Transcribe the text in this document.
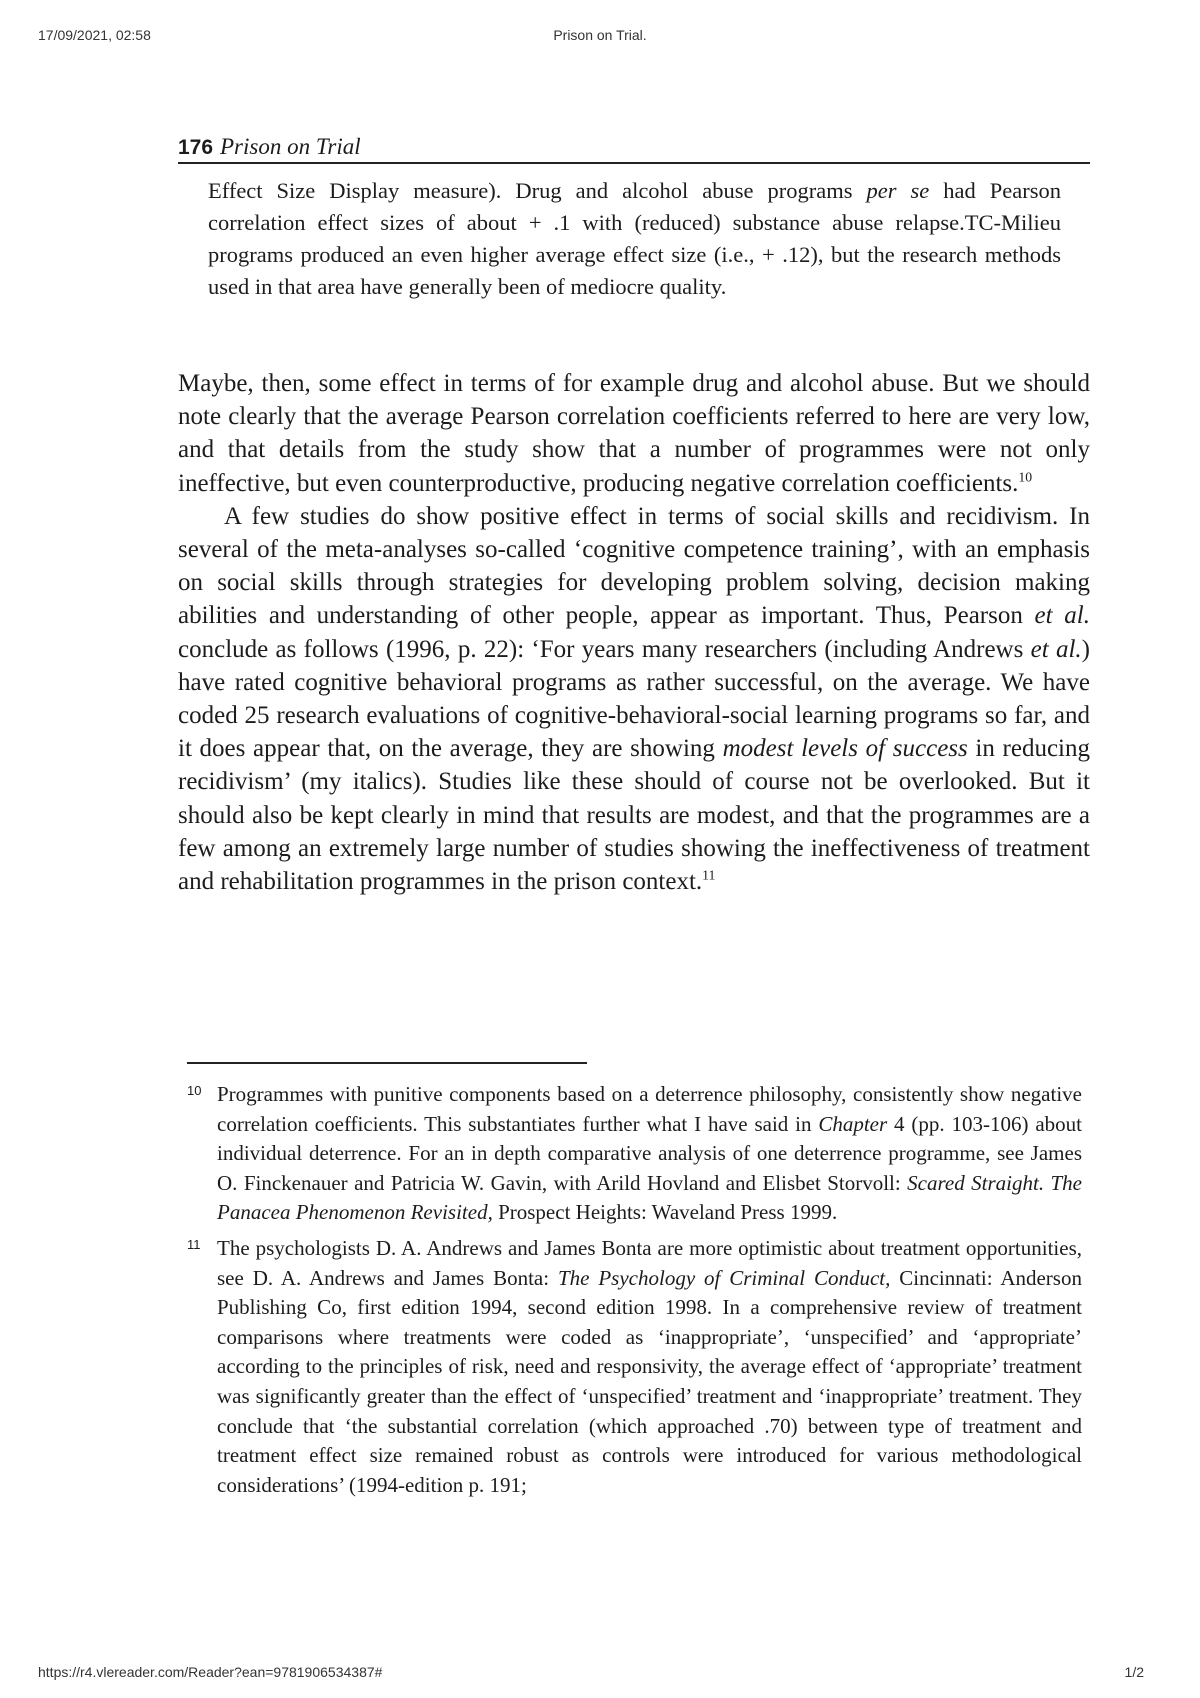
17/09/2021, 02:58	Prison on Trial.
176 Prison on Trial

Effect Size Display measure). Drug and alcohol abuse programs per se had Pearson correlation effect sizes of about + .1 with (reduced) substance abuse relapse.TC-Milieu programs produced an even higher average effect size (i.e., + .12), but the research methods used in that area have generally been of mediocre quality.

Maybe, then, some effect in terms of for example drug and alcohol abuse. But we should note clearly that the average Pearson correlation coefficients referred to here are very low, and that details from the study show that a number of programmes were not only ineffective, but even counterproductive, producing negative correlation coefficients.$^{10}$

A few studies do show positive effect in terms of social skills and recidivism. In several of the meta-analyses so-called ‘cognitive competence training’, with an emphasis on social skills through strategies for developing problem solving, decision making abilities and understanding of other people, appear as important. Thus, Pearson et al. conclude as follows (1996, p. 22): ‘For years many researchers (including Andrews et al.) have rated cognitive behavioral programs as rather successful, on the average. We have coded 25 research evaluations of cognitive-behavioral-social learning programs so far, and it does appear that, on the average, they are showing modest levels of success in reducing recidivism’ (my italics). Studies like these should of course not be overlooked. But it should also be kept clearly in mind that results are modest, and that the programmes are a few among an extremely large number of studies showing the ineffectiveness of treatment and rehabilitation programmes in the prison context.$^{11}$

10 Programmes with punitive components based on a deterrence philosophy, consistently show negative correlation coefficients. This substantiates further what I have said in Chapter 4 (pp. 103-106) about individual deterrence. For an in depth comparative analysis of one deterrence programme, see James O. Finckenauer and Patricia W. Gavin, with Arild Hovland and Elisbet Storvoll: Scared Straight. The Panacea Phenomenon Revisited, Prospect Heights: Waveland Press 1999.

11 The psychologists D. A. Andrews and James Bonta are more optimistic about treatment opportunities, see D. A. Andrews and James Bonta: The Psychology of Criminal Conduct, Cincinnati: Anderson Publishing Co, first edition 1994, second edition 1998. In a comprehensive review of treatment comparisons where treatments were coded as ‘inappropriate’, ‘unspecified’ and ‘appropriate’ according to the principles of risk, need and responsivity, the average effect of ‘appropriate’ treatment was significantly greater than the effect of ‘unspecified’ treatment and ‘inappropriate’ treatment. They conclude that ‘the substantial correlation (which approached .70) between type of treatment and treatment effect size remained robust as controls were introduced for various methodological considerations’ (1994-edition p. 191;

https://r4.vlereader.com/Reader?ean=9781906534387#	1/2
